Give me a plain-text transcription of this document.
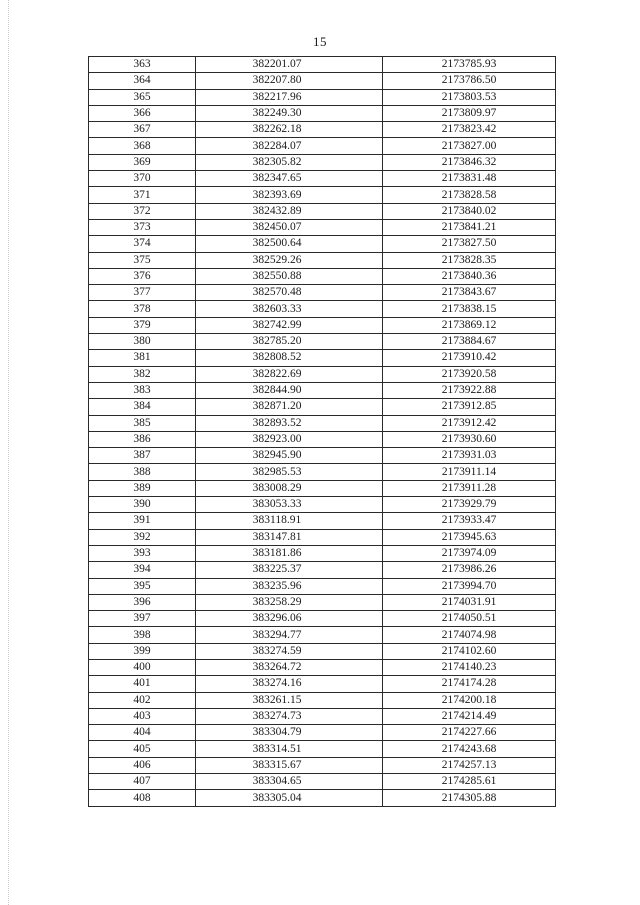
15
363	382201.07	2173785.93
364	382207.80	2173786.50
365	382217.96	2173803.53
366	382249.30	2173809.97
367	382262.18	2173823.42
368	382284.07	2173827.00
369	382305.82	2173846.32
370	382347.65	2173831.48
371	382393.69	2173828.58
372	382432.89	2173840.02
373	382450.07	2173841.21
374	382500.64	2173827.50
375	382529.26	2173828.35
376	382550.88	2173840.36
377	382570.48	2173843.67
378	382603.33	2173838.15
379	382742.99	2173869.12
380	382785.20	2173884.67
381	382808.52	2173910.42
382	382822.69	2173920.58
383	382844.90	2173922.88
384	382871.20	2173912.85
385	382893.52	2173912.42
386	382923.00	2173930.60
387	382945.90	2173931.03
388	382985.53	2173911.14
389	383008.29	2173911.28
390	383053.33	2173929.79
391	383118.91	2173933.47
392	383147.81	2173945.63
393	383181.86	2173974.09
394	383225.37	2173986.26
395	383235.96	2173994.70
396	383258.29	2174031.91
397	383296.06	2174050.51
398	383294.77	2174074.98
399	383274.59	2174102.60
400	383264.72	2174140.23
401	383274.16	2174174.28
402	383261.15	2174200.18
403	383274.73	2174214.49
404	383304.79	2174227.66
405	383314.51	2174243.68
406	383315.67	2174257.13
407	383304.65	2174285.61
408	383305.04	2174305.88
